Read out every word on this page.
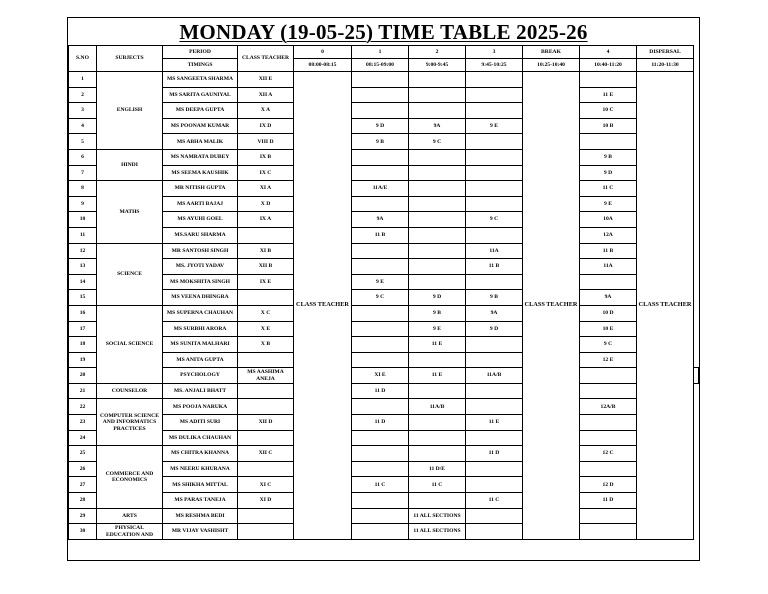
MONDAY (19-05-25) TIME TABLE 2025-26
S.NO	SUBJECTS	PERIOD	CLASS TEACHER	0	1	2	3	BREAK	4	DISPERSAL	
		TIMINGS		08:00-08:15	08:15-09:00	9:00-9:45	9:45-10:25	10:25-10:40	10:40-11:20	11:20-11:30	
1	ENGLISH	MS SANGEETA SHARMA	XII E	CLASS TEACHER				CLASS TEACHER		CLASS TEACHER	
2		MS SARITA GAUNIYAL	XII A						11 E		
3		MS DEEPA GUPTA	X A						10 C		
4		MS POONAM KUMAR	IX D		9 D	9A	9 E		10 B		
5		MS ABHA MALIK	VIII D		9 B	9 C					
6	HINDI	MS NAMRATA DUBEY	IX B						9 B		
7		MS SEEMA KAUSHIK	IX C						9 D		
8	MATHS	MR NITISH GUPTA	XI A		11A/E				11 C		
9		MS AARTI BAJAJ	X D						9 E		
10		MS AYUHI GOEL	IX A		9A		9 C		10A		
11		MS.SARU SHARMA			11 B				12A		
12	SCIENCE	MR SANTOSH SINGH	XI B				11A		11 B		
13		MS. JYOTI YADAV	XII B				11 B		11A		
14		MS MOKSHITA SINGH	IX E		9 E						
15		MS VEENA DHINGRA			9 C	9 D	9 B		9A		
16	SOCIAL SCIENCE	MS SUPERNA CHAUHAN	X C			9 B	9A		10 D		
17		MS SURBHI ARORA	X E			9 E	9 D		10 E		
18		MS SUNITA MALHARI	X B			11 E			9 C		
19		MS ANITA GUPTA							12 E		
20		PSYCHOLOGY	MS AASHIMA ANEJA		XI E	11 E	11A/B				
21	COUNSELOR	MS. ANJALI BHATT			11 D						
22	COMPUTER SCIENCE AND INFORMATICS PRACTICES	MS POOJA NARUKA				11A/B			12A/B		
23		MS ADITI SURI	XII D		11 D		11 E				
24		MS DULIKA CHAUHAN									
25	COMMERCE AND ECONOMICS	MS CHITRA KHANNA	XII C				11 D		12 C		
26		MS NEERU KHURANA				11 D/E					
27		MS SHIKHA MITTAL	XI C		11 C	11 C			12 D		
28		MS PARAS TANEJA	XI D				11 C		11 D		
29	ARTS	MS RESHMA BEDI				11 ALL SECTIONS					
30	PHYSICAL EDUCATION AND	MR VIJAY VASHISHT				11 ALL SECTIONS					
